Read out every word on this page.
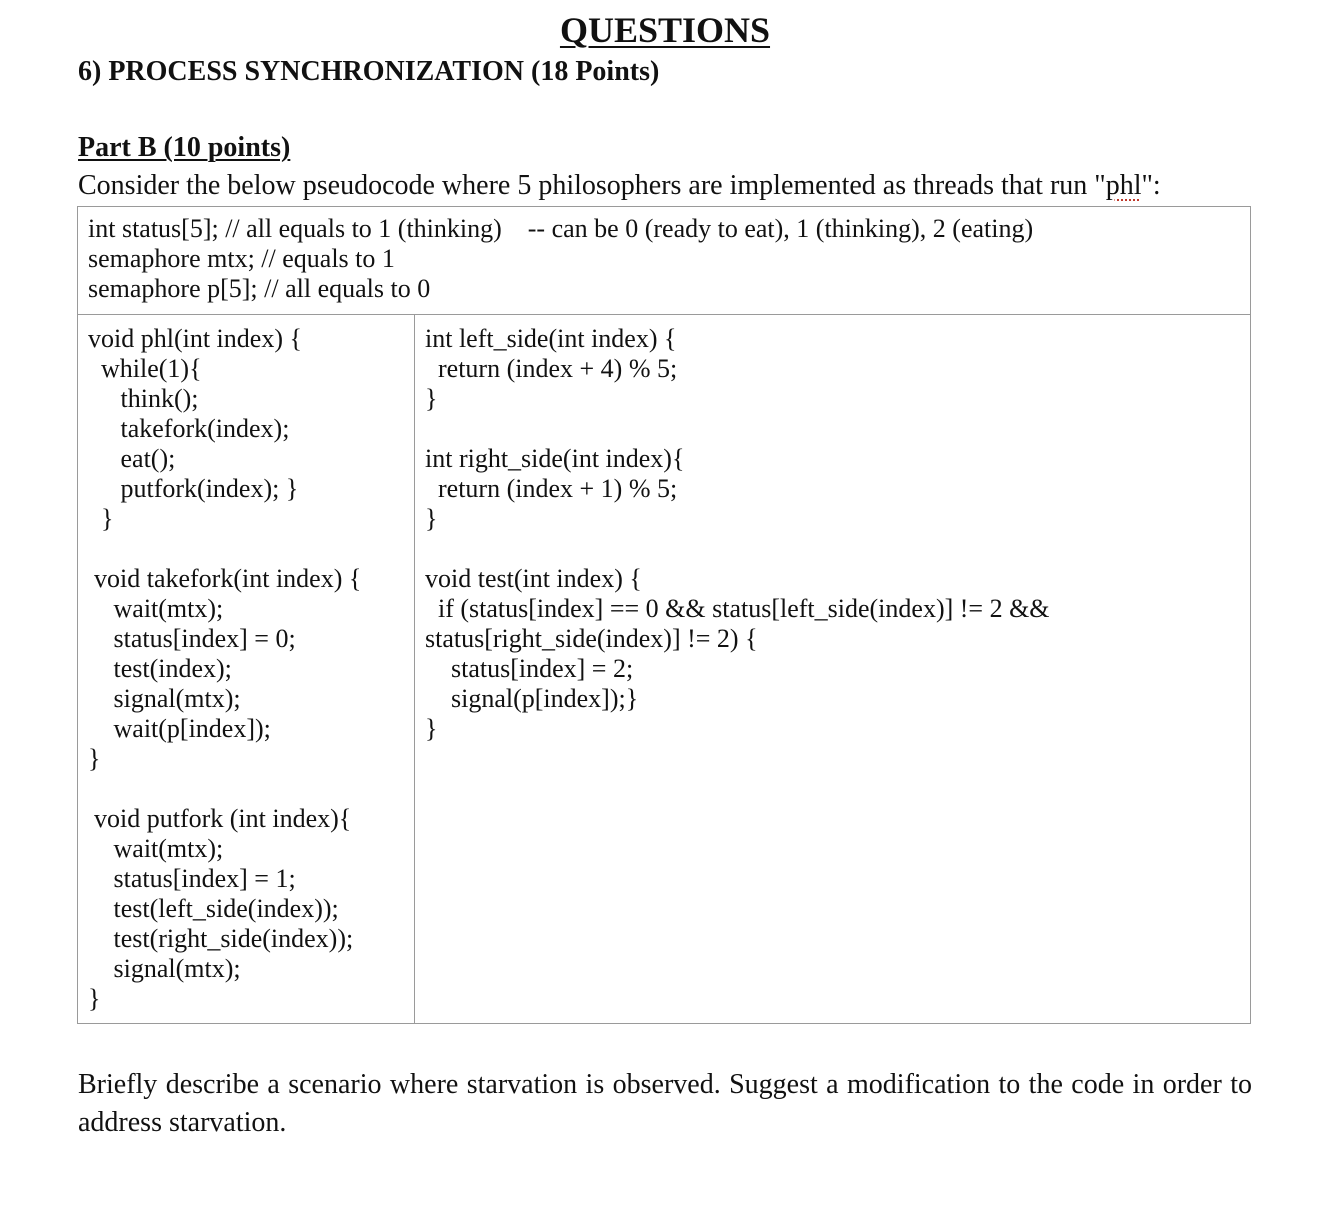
QUESTIONS
6) PROCESS SYNCHRONIZATION (18 Points)
Part B (10 points)
Consider the below pseudocode where 5 philosophers are implemented as threads that run "phl":
int status[5]; // all equals to 1 (thinking)    -- can be 0 (ready to eat), 1 (thinking), 2 (eating)
semaphore mtx; // equals to 1
semaphore p[5]; // all equals to 0
void phl(int index) {
while(1){
think();
takefork(index);
eat();
putfork(index); }
}
void takefork(int index) {
wait(mtx);
status[index] = 0;
test(index);
signal(mtx);
wait(p[index]);
}
void putfork (int index){
wait(mtx);
status[index] = 1;
test(left_side(index));
test(right_side(index));
signal(mtx);
}
int left_side(int index) {
return (index + 4) % 5;
}
int right_side(int index){
return (index + 1) % 5;
}
void test(int index) {
if (status[index] == 0 && status[left_side(index)] != 2 &&
status[right_side(index)] != 2) {
status[index] = 2;
signal(p[index]);}
}
Briefly describe a scenario where starvation is observed. Suggest a modification to the code in order to address starvation.
